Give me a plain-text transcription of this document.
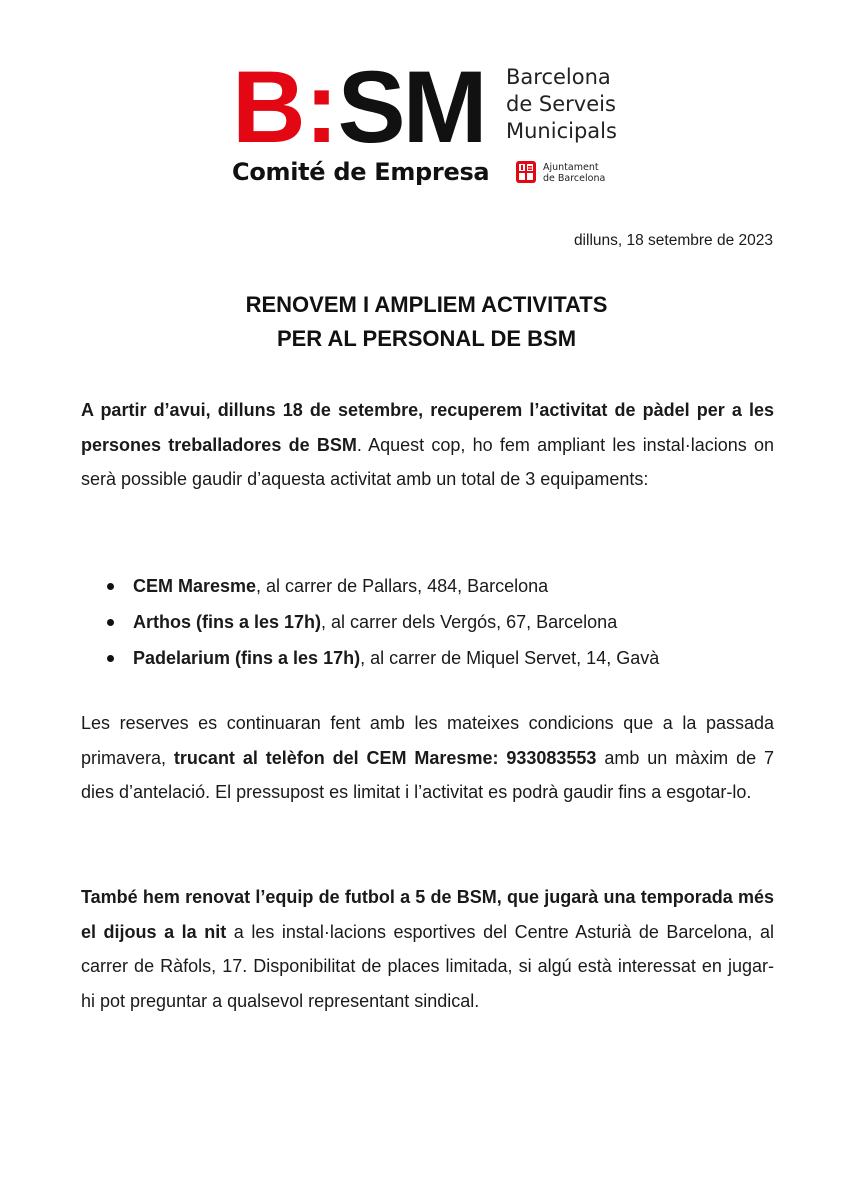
B:SM Barcelona
de Serveis
Municipals
Comité de Empresa	Ajuntament
de Barcelona
dilluns, 18 setembre de 2023
RENOVEM I AMPLIEM ACTIVITATS
PER AL PERSONAL DE BSM
A partir d’avui, dilluns 18 de setembre, recuperem l’activitat de pàdel per a les persones treballadores de BSM. Aquest cop, ho fem ampliant les instal·lacions on serà possible gaudir d’aquesta activitat amb un total de 3 equipaments:
CEM Maresme, al carrer de Pallars, 484, Barcelona
Arthos (fins a les 17h), al carrer dels Vergós, 67, Barcelona
Padelarium (fins a les 17h), al carrer de Miquel Servet, 14, Gavà
Les reserves es continuaran fent amb les mateixes condicions que a la passada primavera, trucant al telèfon del CEM Maresme: 933083553 amb un màxim de 7 dies d’antelació. El pressupost es limitat i l’activitat es podrà gaudir fins a esgotar-lo.
També hem renovat l’equip de futbol a 5 de BSM, que jugarà una temporada més el dijous a la nit a les instal·lacions esportives del Centre Asturià de Barcelona, al carrer de Ràfols, 17. Disponibilitat de places limitada, si algú està interessat en jugar-hi pot preguntar a qualsevol representant sindical.
